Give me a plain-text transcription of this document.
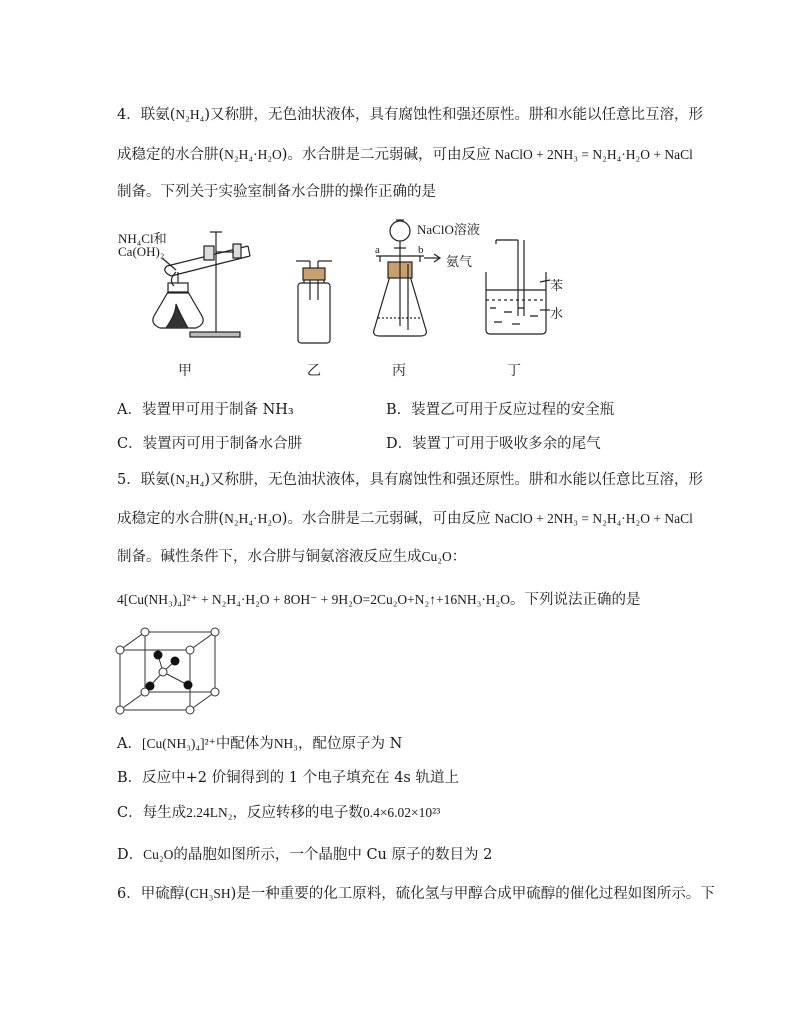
4．联氨(N₂H₄)又称肼，无色油状液体，具有腐蚀性和强还原性。肼和水能以任意比互溶，形
成稳定的水合肼(N₂H₄·H₂O)。水合肼是二元弱碱，可由反应 NaClO + 2NH₃ = N₂H₄·H₂O + NaCl
制备。下列关于实验室制备水合肼的操作正确的是
NH₄Cl和
Ca(OH)₂
NaClO溶液
a	b
氨气
苯
水
甲	乙	丙	丁
A．装置甲可用于制备 NH₃	B．装置乙可用于反应过程的安全瓶
C．装置丙可用于制备水合肼	D．装置丁可用于吸收多余的尾气
5．联氨(N₂H₄)又称肼，无色油状液体，具有腐蚀性和强还原性。肼和水能以任意比互溶，形
成稳定的水合肼(N₂H₄·H₂O)。水合肼是二元弱碱，可由反应 NaClO + 2NH₃ = N₂H₄·H₂O + NaCl
制备。碱性条件下，水合肼与铜氨溶液反应生成Cu₂O：
4[Cu(NH₃)₄]²⁺ + N₂H₄·H₂O + 8OH⁻ + 9H₂O=2Cu₂O+N₂↑+16NH₃·H₂O。下列说法正确的是
A．[Cu(NH₃)₄]²⁺中配体为NH₃，配位原子为 N
B．反应中+2 价铜得到的 1 个电子填充在 4s 轨道上
C．每生成2.24LN₂，反应转移的电子数0.4×6.02×10²³
D．Cu₂O的晶胞如图所示，一个晶胞中 Cu 原子的数目为 2
6．甲硫醇(CH₃SH)是一种重要的化工原料，硫化氢与甲醇合成甲硫醇的催化过程如图所示。下
